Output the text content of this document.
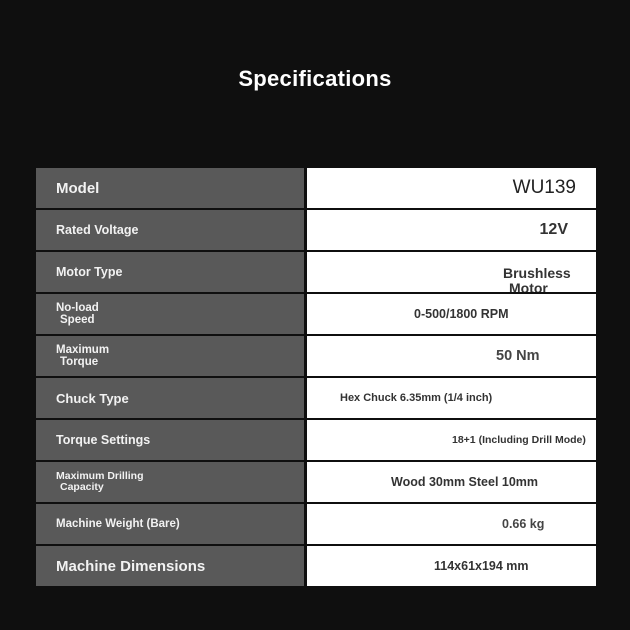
Specifications
Model	WU139
Rated Voltage	12V
Motor Type	Brushless
Motor
No-load
Speed	0-500/1800 RPM
Maximum
Torque	50 Nm
Chuck Type	Hex Chuck 6.35mm (1/4 inch)
Torque Settings	18+1 (Including Drill Mode)
Maximum Drilling
Capacity	Wood 30mm Steel 10mm
Machine Weight (Bare)	0.66 kg
Machine Dimensions	114x61x194 mm
